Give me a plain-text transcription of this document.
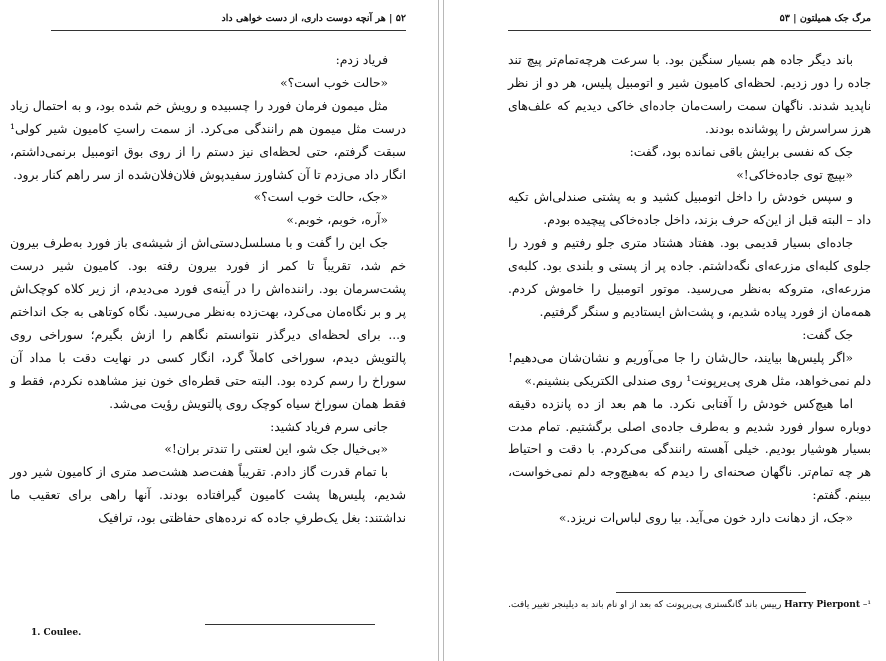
۵۲ | هر آنچه دوست داری، از دست خواهی داد

فریاد زدم:

«حالت خوب است؟»

مثل میمون فرمان فورد را چسبیده و رویش خم شده بود، و به احتمال زیاد درست مثل میمون هم رانندگی می‌کرد. از سمت راستِ کامیون شیر کولی¹ سبقت گرفتم، حتی لحظه‌ای نیز دستم را از روی بوق اتومبیل برنمی‌داشتم، انگار داد می‌زدم تا آن کشاورز سفیدپوش فلان‌فلان‌شده از سر راهم کنار برود.

«جک، حالت خوب است؟»

«آره، خوبم، خوبم.»

جک این را گفت و با مسلسل‌دستی‌اش از شیشه‌ی باز فورد به‌طرف بیرون خم شد، تقریباً تا کمر از فورد بیرون رفته بود. کامیون شیر درست پشت‌سرمان بود. راننده‌اش را در آینه‌ی فورد می‌دیدم، از زیر کلاه کوچک‌اش پر و بر نگاه‌مان می‌کرد، بهت‌زده به‌نظر می‌رسید. نگاه کوتاهی به جک انداختم و... برای لحظه‌ای دیرگذر نتوانستم نگاهم را ازش بگیرم؛ سوراخی روی پالتویش دیدم، سوراخی کاملاً گرد، انگار کسی در نهایت دقت با مداد آن سوراخ را رسم کرده بود. البته حتی قطره‌ای خون نیز مشاهده نکردم، فقط و فقط همان سوراخ سیاه کوچک روی پالتویش رؤیت می‌شد.

جانی سرم فریاد کشید:

«بی‌خیال جک شو، این لعنتی را تندتر بران!»

با تمام قدرت گاز دادم. تقریباً هفت‌صد هشت‌صد متری از کامیون شیر دور شدیم، پلیس‌ها پشت کامیون گیرافتاده بودند. آنها راهی برای تعقیب ما نداشتند: بغل یک‌طرفِ جاده که نرده‌های حفاظتی بود، ترافیک

1. Coulee.
مرگ جک همیلتون | ۵۳

باند دیگر جاده هم بسیار سنگین بود. با سرعت هرچه‌تمام‌تر پیچ تند جاده را دور زدیم. لحظه‌ای کامیون شیر و اتومبیل پلیس، هر دو از نظر ناپدید شدند. ناگهان سمت راست‌مان جاده‌ای خاکی دیدیم که علف‌های هرز سراسرش را پوشانده بودند.

جک که نفسی برایش باقی نمانده بود، گفت:

«بپیچ توی جاده‌خاکی!»

و سپس خودش را داخل اتومبیل کشید و به پشتی صندلی‌اش تکیه داد – البته قبل از این‌که حرف بزند، داخل جاده‌خاکی پیچیده بودم.

جاده‌ای بسیار قدیمی بود. هفتاد هشتاد متری جلو رفتیم و فورد را جلوی کلبه‌ای مزرعه‌ای نگه‌داشتم. جاده پر از پستی و بلندی بود. کلبه‌ی مزرعه‌ای، متروکه به‌نظر می‌رسید. موتور اتومبیل را خاموش کردم. همه‌مان از فورد پیاده شدیم، و پشت‌اش ایستادیم و سنگر گرفتیم.

جک گفت:

«اگر پلیس‌ها بیایند، حال‌شان را جا می‌آوریم و نشان‌شان می‌دهیم! دلم نمی‌خواهد، مثل هری پی‌یرپونت¹ روی صندلی الکتریکی بنشینم.»

اما هیچ‌کس خودش را آفتابی نکرد. ما هم بعد از ده پانزده دقیقه دوباره سوار فورد شدیم و به‌طرف جاده‌ی اصلی برگشتیم. تمام مدت بسیار هوشیار بودیم. خیلی آهسته رانندگی می‌کردم. با دقت و احتیاط هر چه تمام‌تر. ناگهان صحنه‌ای را دیدم که به‌هیچ‌وجه دلم نمی‌خواست، ببینم. گفتم:

«جک، از دهانت دارد خون می‌آید. بیا روی لباس‌ات نریزد.»

¹– Harry Pierpont رییس باند گانگستری پی‌یرپونت که بعد از او نام باند به دیلینجر تغییر یافت.
